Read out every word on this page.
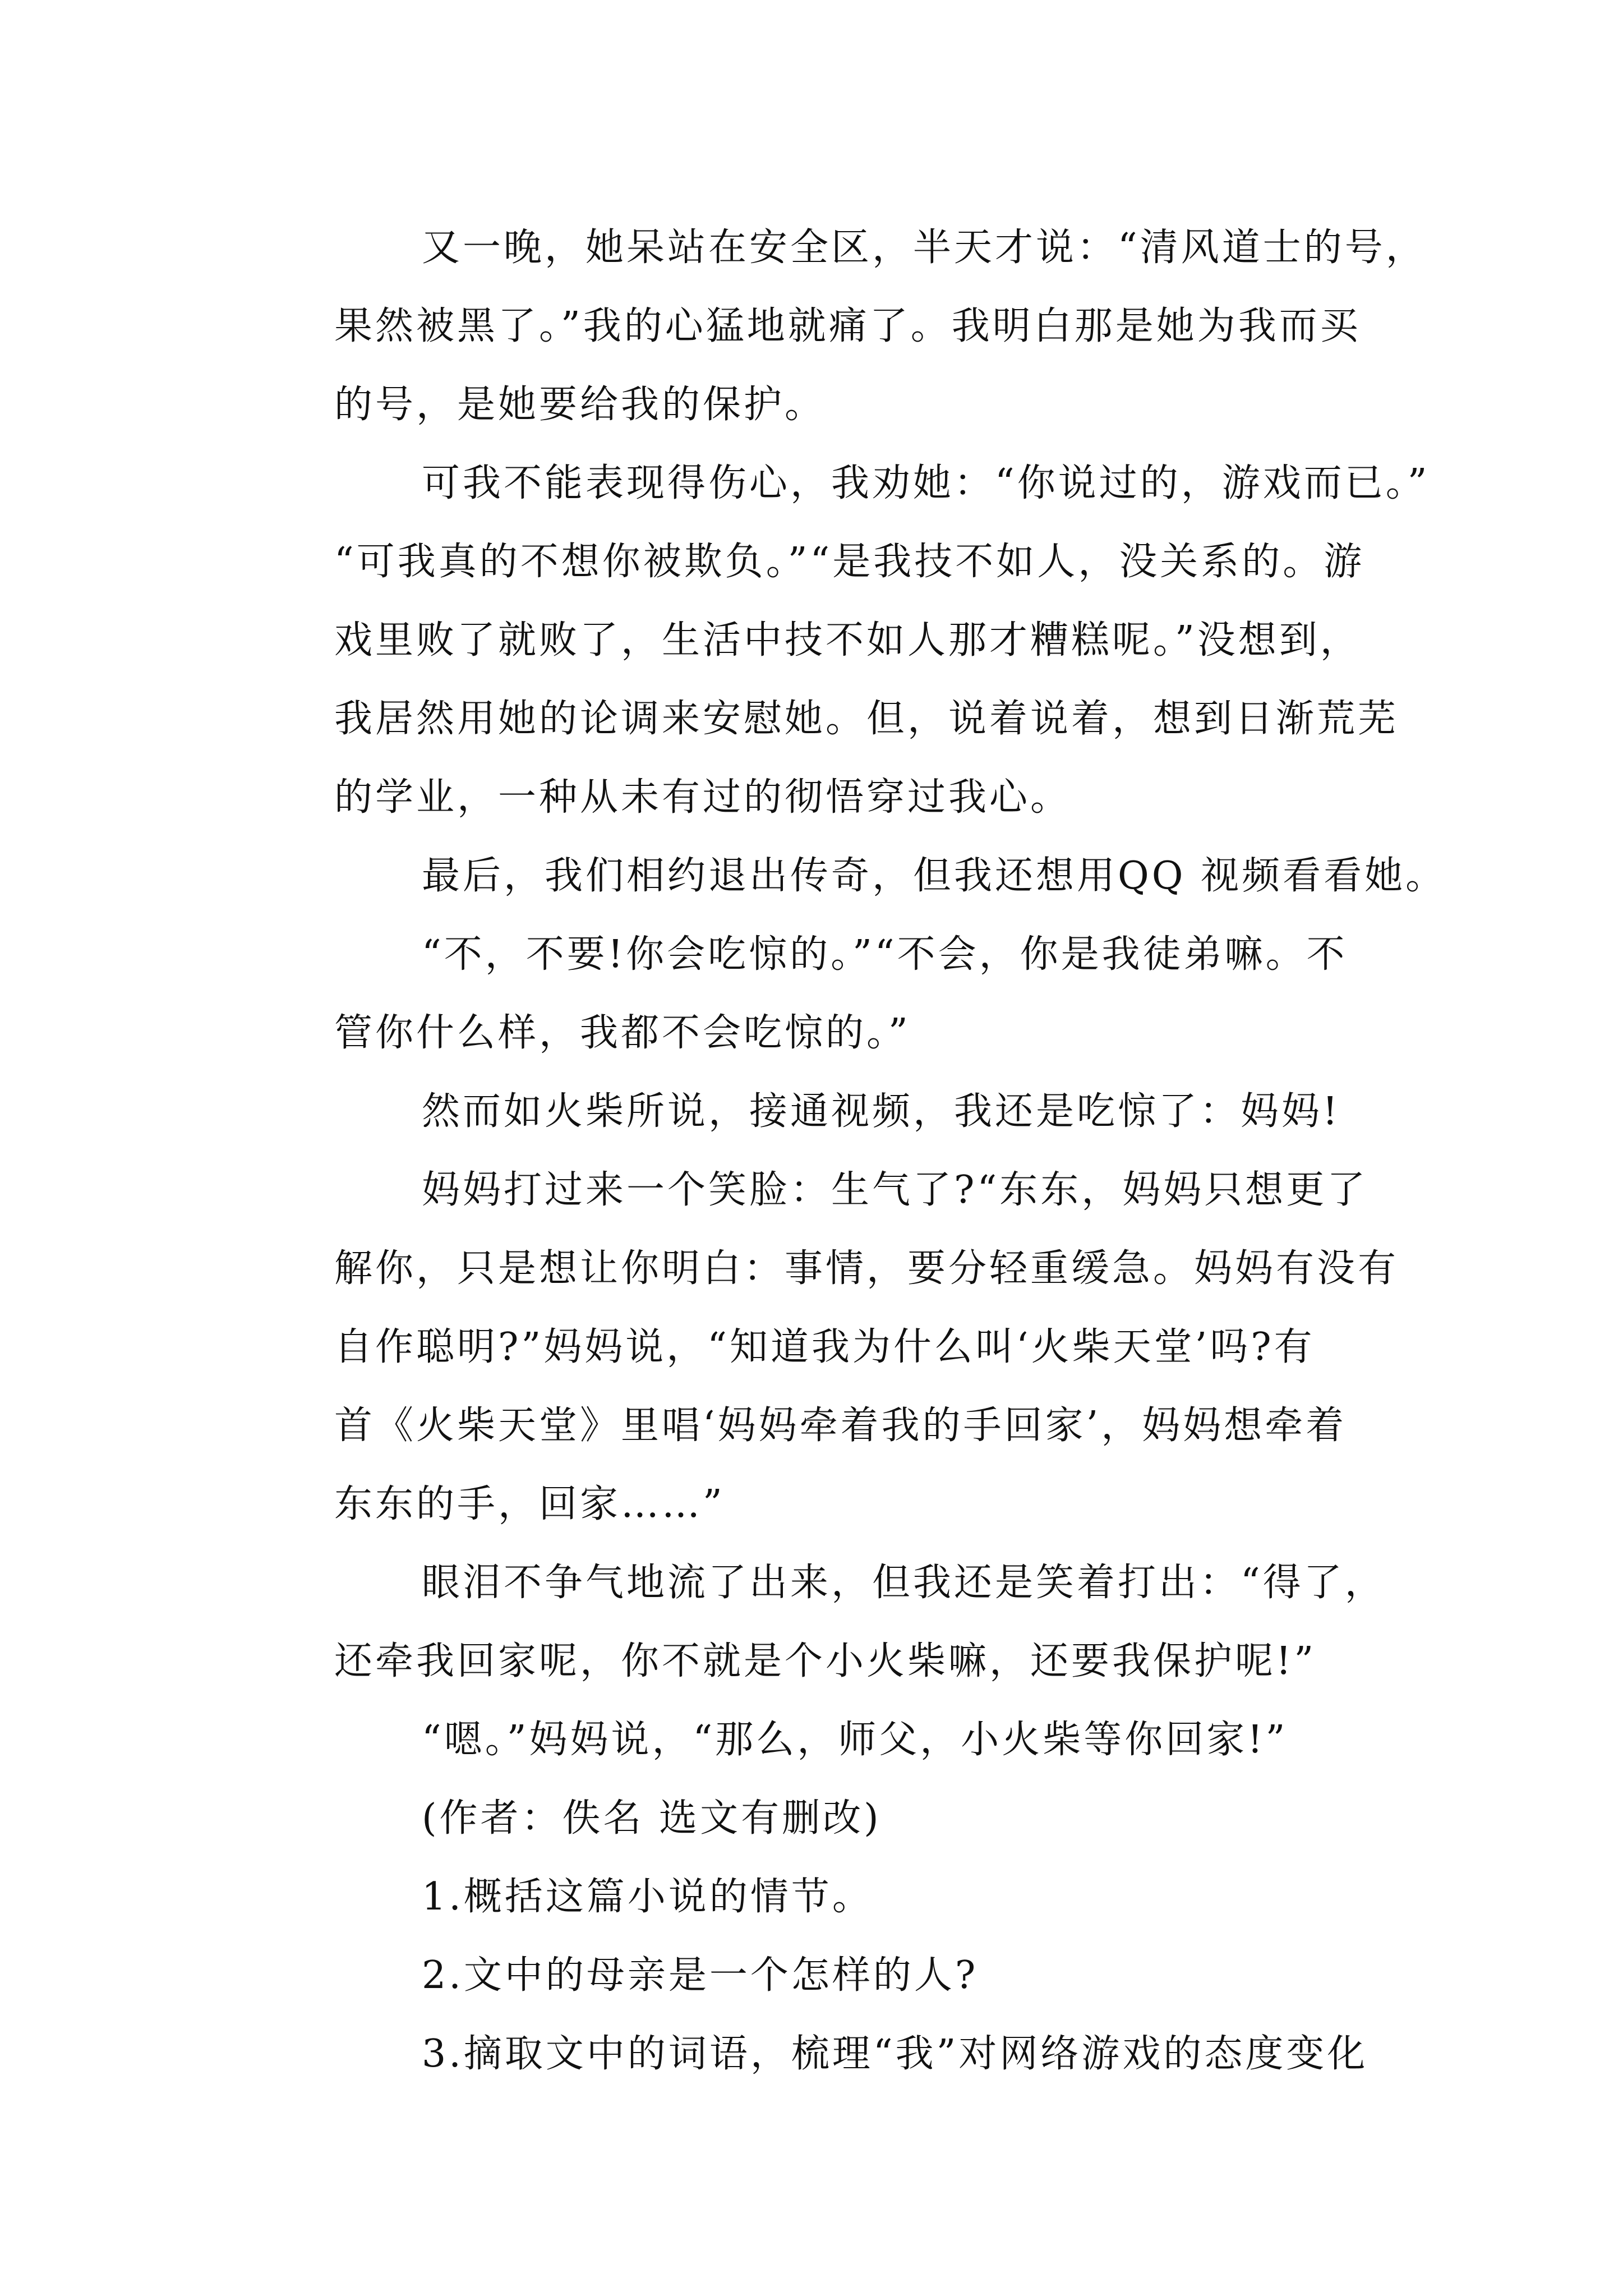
又一晚，她呆站在安全区，半天才说：“清风道士的号，
果然被黑了。”我的心猛地就痛了。我明白那是她为我而买
的号，是她要给我的保护。
可我不能表现得伤心，我劝她：“你说过的，游戏而已。”
“可我真的不想你被欺负。”“是我技不如人，没关系的。游
戏里败了就败了，生活中技不如人那才糟糕呢。”没想到，
我居然用她的论调来安慰她。但，说着说着，想到日渐荒芜
的学业，一种从未有过的彻悟穿过我心。
最后，我们相约退出传奇，但我还想用QQ 视频看看她。
“不，不要!你会吃惊的。”“不会，你是我徒弟嘛。不
管你什么样，我都不会吃惊的。”
然而如火柴所说，接通视频，我还是吃惊了：妈妈!
妈妈打过来一个笑脸：生气了?“东东，妈妈只想更了
解你，只是想让你明白：事情，要分轻重缓急。妈妈有没有
自作聪明?”妈妈说，“知道我为什么叫‘火柴天堂’吗?有
首《火柴天堂》里唱‘妈妈牵着我的手回家’，妈妈想牵着
东东的手，回家……”
眼泪不争气地流了出来，但我还是笑着打出：“得了，
还牵我回家呢，你不就是个小火柴嘛，还要我保护呢!”
“嗯。”妈妈说，“那么，师父，小火柴等你回家!”
(作者：佚名 选文有删改)
1.概括这篇小说的情节。
2.文中的母亲是一个怎样的人?
3.摘取文中的词语，梳理“我”对网络游戏的态度变化
